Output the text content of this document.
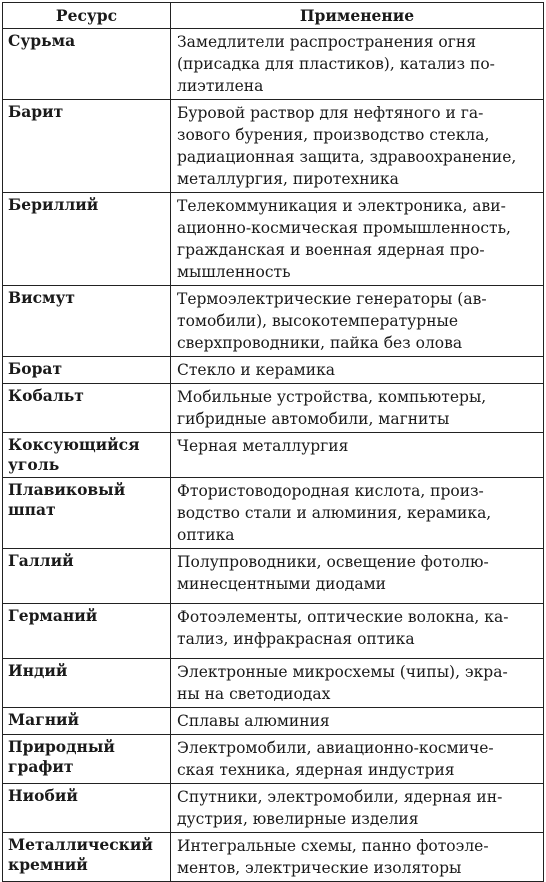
Ресурс	Применение
Сурьма	Замедлители распространения огня
(присадка для пластиков), катализ по-
лиэтилена
Барит	Буровой раствор для нефтяного и га-
зового бурения, производство стекла,
радиационная защита, здравоохранение,
металлургия, пиротехника
Бериллий	Телекоммуникация и электроника, ави-
ационно-космическая промышленность,
гражданская и военная ядерная про-
мышленность
Висмут	Термоэлектрические генераторы (ав-
томобили), высокотемпературные
сверхпроводники, пайка без олова
Борат	Стекло и керамика
Кобальт	Мобильные устройства, компьютеры,
гибридные автомобили, магниты
Коксующийся
уголь	Черная металлургия
Плавиковый
шпат	Фтористоводородная кислота, произ-
водство стали и алюминия, керамика,
оптика
Галлий	Полупроводники, освещение фотолю-
минесцентными диодами
Германий	Фотоэлементы, оптические волокна, ка-
тализ, инфракрасная оптика
Индий	Электронные микросхемы (чипы), экра-
ны на светодиодах
Магний	Сплавы алюминия
Природный
графит	Электромобили, авиационно-космиче-
ская техника, ядерная индустрия
Ниобий	Спутники, электромобили, ядерная ин-
дустрия, ювелирные изделия
Металлический
кремний	Интегральные схемы, панно фотоэле-
ментов, электрические изоляторы
